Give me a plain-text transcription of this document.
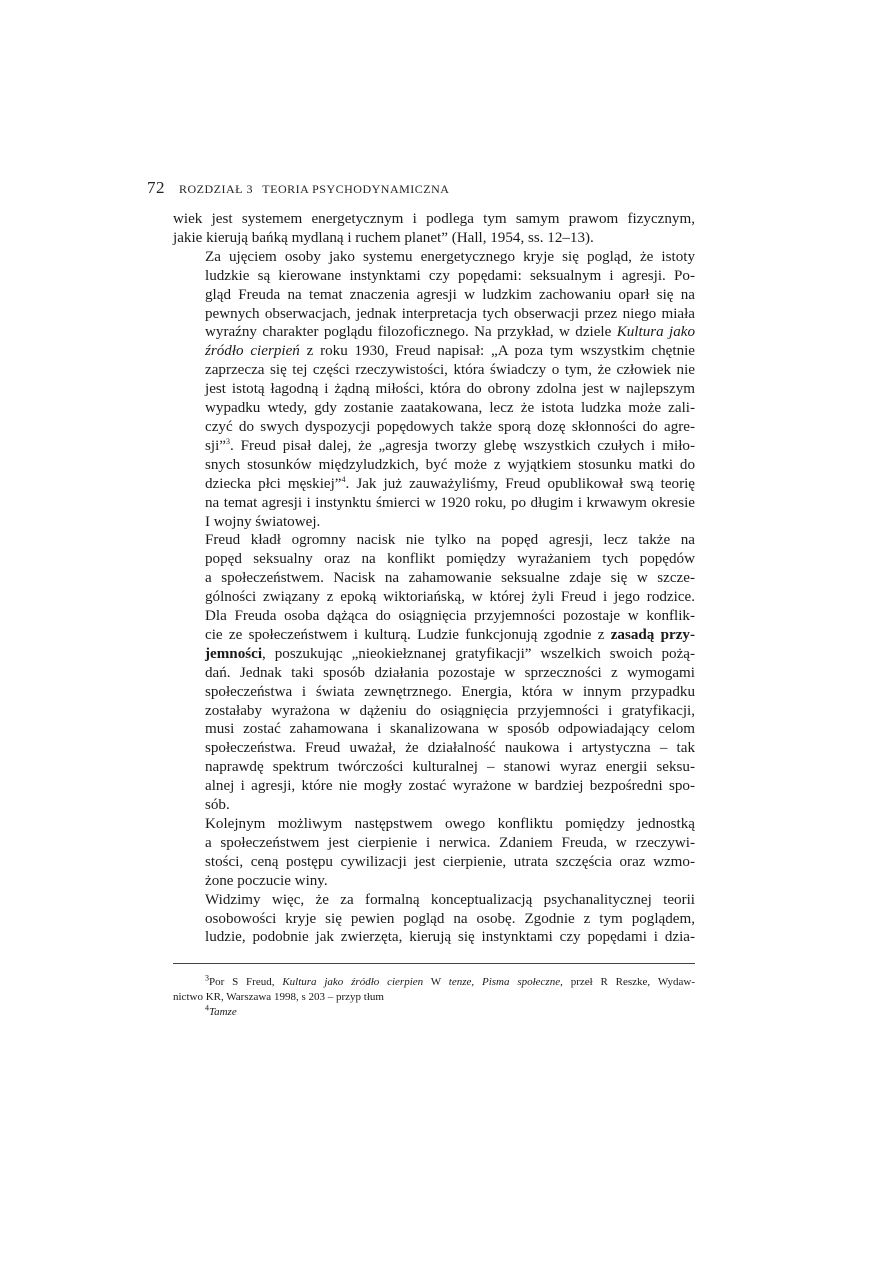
72 ROZDZIAŁ 3 TEORIA PSYCHODYNAMICZNA

wiek jest systemem energetycznym i podlega tym samym prawom fizycznym,
jakie kierują bańką mydlaną i ruchem planet” (Hall, 1954, ss. 12–13).

Za ujęciem osoby jako systemu energetycznego kryje się pogląd, że istoty
ludzkie są kierowane instynktami czy popędami: seksualnym i agresji. Po-
gląd Freuda na temat znaczenia agresji w ludzkim zachowaniu oparł się na
pewnych obserwacjach, jednak interpretacja tych obserwacji przez niego miała
wyraźny charakter poglądu filozoficznego. Na przykład, w dziele Kultura jako
źródło cierpień z roku 1930, Freud napisał: „A poza tym wszystkim chętnie
zaprzecza się tej części rzeczywistości, która świadczy o tym, że człowiek nie
jest istotą łagodną i żądną miłości, która do obrony zdolna jest w najlepszym
wypadku wtedy, gdy zostanie zaatakowana, lecz że istota ludzka może zali-
czyć do swych dyspozycji popędowych także sporą dozę skłonności do agre-
sji”$^3$. Freud pisał dalej, że „agresja tworzy glebę wszystkich czułych i miło-
snych stosunków międzyludzkich, być może z wyjątkiem stosunku matki do
dziecka płci męskiej”$^4$. Jak już zauważyliśmy, Freud opublikował swą teorię
na temat agresji i instynktu śmierci w 1920 roku, po długim i krwawym okresie
I wojny światowej.

Freud kładł ogromny nacisk nie tylko na popęd agresji, lecz także na
popęd seksualny oraz na konflikt pomiędzy wyrażaniem tych popędów
a społeczeństwem. Nacisk na zahamowanie seksualne zdaje się w szcze-
gólności związany z epoką wiktoriańską, w której żyli Freud i jego rodzice.
Dla Freuda osoba dążąca do osiągnięcia przyjemności pozostaje w konflik-
cie ze społeczeństwem i kulturą. Ludzie funkcjonują zgodnie z zasadą przy-
jemności, poszukując „nieokiełznanej gratyfikacji” wszelkich swoich pożą-
dań. Jednak taki sposób działania pozostaje w sprzeczności z wymogami
społeczeństwa i świata zewnętrznego. Energia, która w innym przypadku
zostałaby wyrażona w dążeniu do osiągnięcia przyjemności i gratyfikacji,
musi zostać zahamowana i skanalizowana w sposób odpowiadający celom
społeczeństwa. Freud uważał, że działalność naukowa i artystyczna – tak
naprawdę spektrum twórczości kulturalnej – stanowi wyraz energii seksu-
alnej i agresji, które nie mogły zostać wyrażone w bardziej bezpośredni spo-
sób.

Kolejnym możliwym następstwem owego konfliktu pomiędzy jednostką
a społeczeństwem jest cierpienie i nerwica. Zdaniem Freuda, w rzeczywi-
stości, ceną postępu cywilizacji jest cierpienie, utrata szczęścia oraz wzmo-
żone poczucie winy.

Widzimy więc, że za formalną konceptualizacją psychanalitycznej teorii
osobowości kryje się pewien pogląd na osobę. Zgodnie z tym poglądem,
ludzie, podobnie jak zwierzęta, kierują się instynktami czy popędami i dzia-

$^3$Por S Freud, Kultura jako źródło cierpien W tenze, Pisma społeczne, przeł R Reszke, Wydaw-
nictwo KR, Warszawa 1998, s 203 – przyp tłum

$^4$Tamze
